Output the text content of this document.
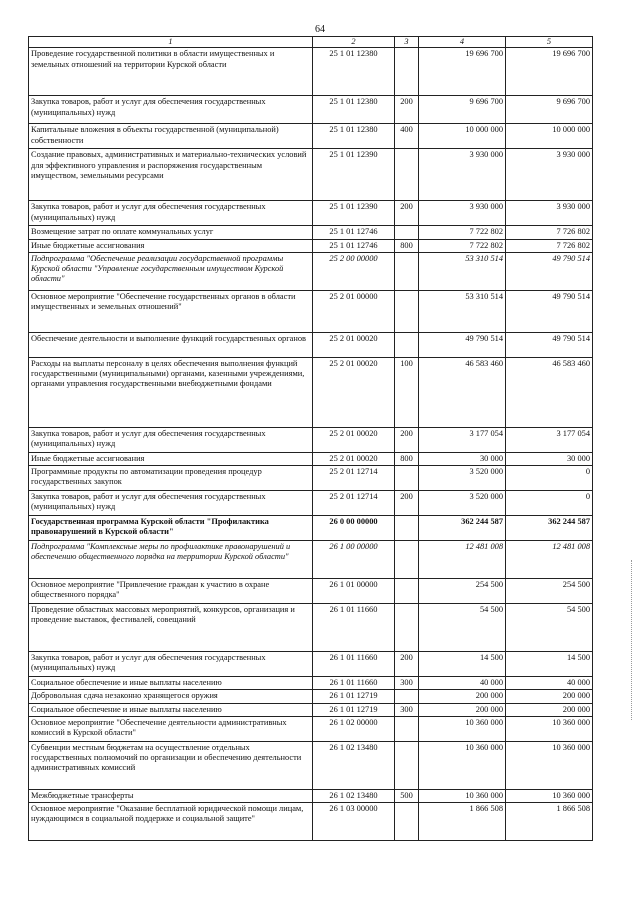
64
1	2	3	4	5
Проведение государственной политики в области имущественных и земельных отношений на территории Курской области	25 1 01 12380		19 696 700	19 696 700
Закупка товаров, работ и услуг для обеспечения государственных (муниципальных) нужд	25 1 01 12380	200	9 696 700	9 696 700
Капитальные вложения в объекты государственной (муниципальной) собственности	25 1 01 12380	400	10 000 000	10 000 000
Создание правовых, административных и материально-технических условий для эффективного управления и распоряжения государственным имуществом, земельными ресурсами	25 1 01 12390		3 930 000	3 930 000
Закупка товаров, работ и услуг для обеспечения государственных (муниципальных) нужд	25 1 01 12390	200	3 930 000	3 930 000
Возмещение затрат по оплате коммунальных услуг	25 1 01 12746		7 722 802	7 726 802
Иные бюджетные ассигнования	25 1 01 12746	800	7 722 802	7 726 802
Подпрограмма "Обеспечение реализации государственной программы Курской области "Управление государственным имуществом Курской области"	25 2 00 00000		53 310 514	49 790 514
Основное мероприятие "Обеспечение государственных органов в области имущественных и земельных отношений"	25 2 01 00000		53 310 514	49 790 514
Обеспечение деятельности и выполнение функций государственных органов	25 2 01 00020		49 790 514	49 790 514
Расходы на выплаты персоналу в целях обеспечения выполнения функций государственными (муниципальными) органами, казенными учреждениями, органами управления государственными внебюджетными фондами	25 2 01 00020	100	46 583 460	46 583 460
Закупка товаров, работ и услуг для обеспечения государственных (муниципальных) нужд	25 2 01 00020	200	3 177 054	3 177 054
Иные бюджетные ассигнования	25 2 01 00020	800	30 000	30 000
Программные продукты по автоматизации проведения процедур государственных закупок	25 2 01 12714		3 520 000	0
Закупка товаров, работ и услуг для обеспечения государственных (муниципальных) нужд	25 2 01 12714	200	3 520 000	0
Государственная программа Курской области "Профилактика правонарушений в Курской области"	26 0 00 00000		362 244 587	362 244 587
Подпрограмма "Комплексные меры по профилактике правонарушений и обеспечению общественного порядка на территории Курской области"	26 1 00 00000		12 481 008	12 481 008
Основное мероприятие "Привлечение граждан к участию в охране общественного порядка"	26 1 01 00000		254 500	254 500
Проведение областных массовых мероприятий, конкурсов, организация и проведение выставок, фестивалей, совещаний	26 1 01 11660		54 500	54 500
Закупка товаров, работ и услуг для обеспечения государственных (муниципальных) нужд	26 1 01 11660	200	14 500	14 500
Социальное обеспечение и иные выплаты населению	26 1 01 11660	300	40 000	40 000
Добровольная сдача незаконно хранящегося оружия	26 1 01 12719		200 000	200 000
Социальное обеспечение и иные выплаты населению	26 1 01 12719	300	200 000	200 000
Основное мероприятие "Обеспечение деятельности административных комиссий в Курской области"	26 1 02 00000		10 360 000	10 360 000
Субвенции местным бюджетам на осуществление отдельных государственных полномочий по организации и обеспечению деятельности административных комиссий	26 1 02 13480		10 360 000	10 360 000
Межбюджетные трансферты	26 1 02 13480	500	10 360 000	10 360 000
Основное мероприятие "Оказание бесплатной юридической помощи лицам, нуждающимся в социальной поддержке и социальной защите"	26 1 03 00000		1 866 508	1 866 508
